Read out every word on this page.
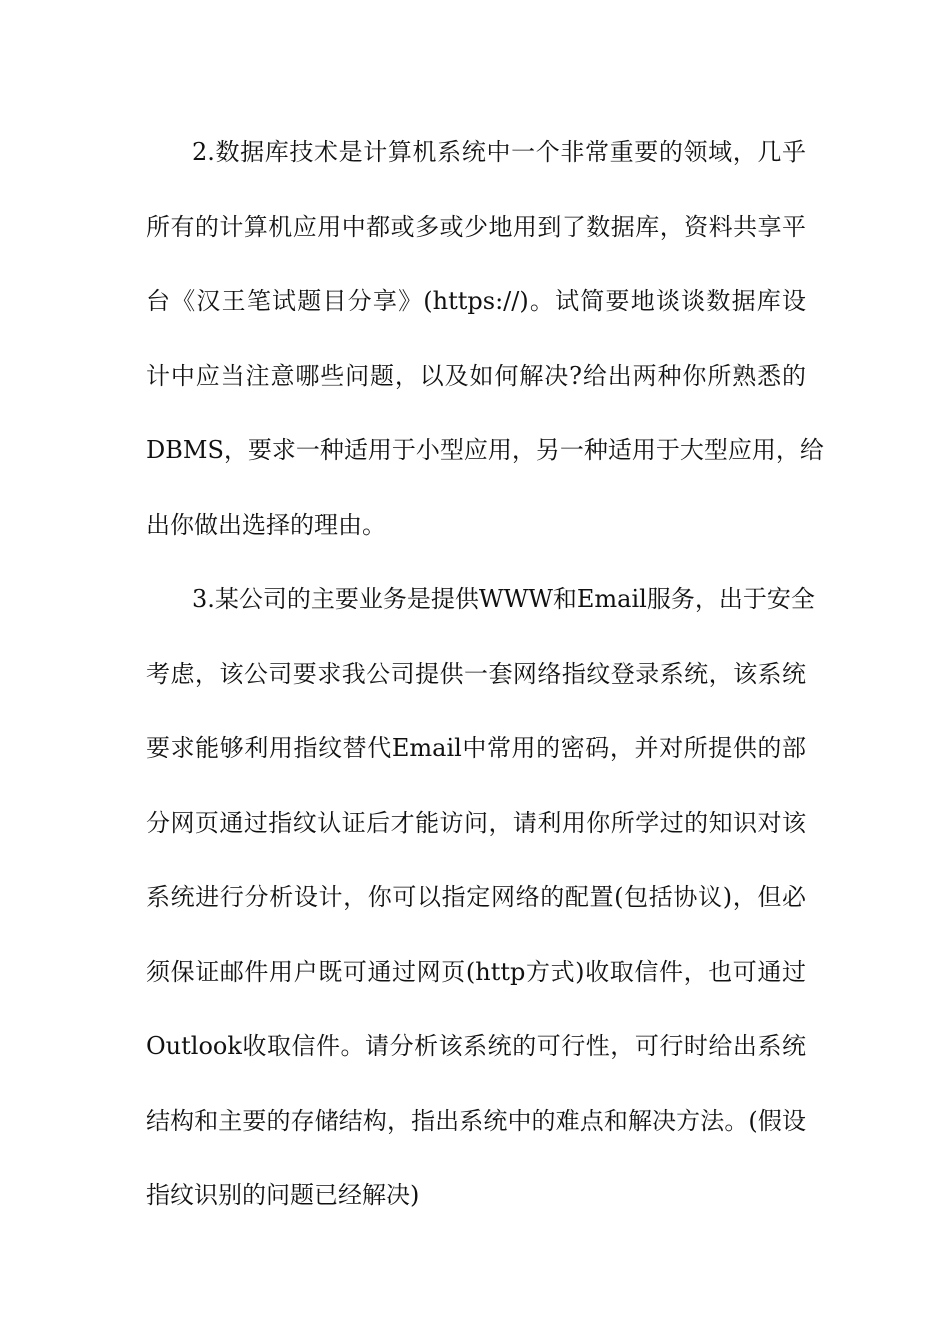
2.数据库技术是计算机系统中一个非常重要的领域，几乎
所有的计算机应用中都或多或少地用到了数据库，资料共享平
台《汉王笔试题目分享》(https://)。试简要地谈谈数据库设
计中应当注意哪些问题，以及如何解决?给出两种你所熟悉的
DBMS，要求一种适用于小型应用，另一种适用于大型应用，给
出你做出选择的理由。
3.某公司的主要业务是提供WWW和Email服务，出于安全
考虑，该公司要求我公司提供一套网络指纹登录系统，该系统
要求能够利用指纹替代Email中常用的密码，并对所提供的部
分网页通过指纹认证后才能访问，请利用你所学过的知识对该
系统进行分析设计，你可以指定网络的配置(包括协议)，但必
须保证邮件用户既可通过网页(http方式)收取信件，也可通过
Outlook收取信件。请分析该系统的可行性，可行时给出系统
结构和主要的存储结构，指出系统中的难点和解决方法。(假设
指纹识别的问题已经解决)
